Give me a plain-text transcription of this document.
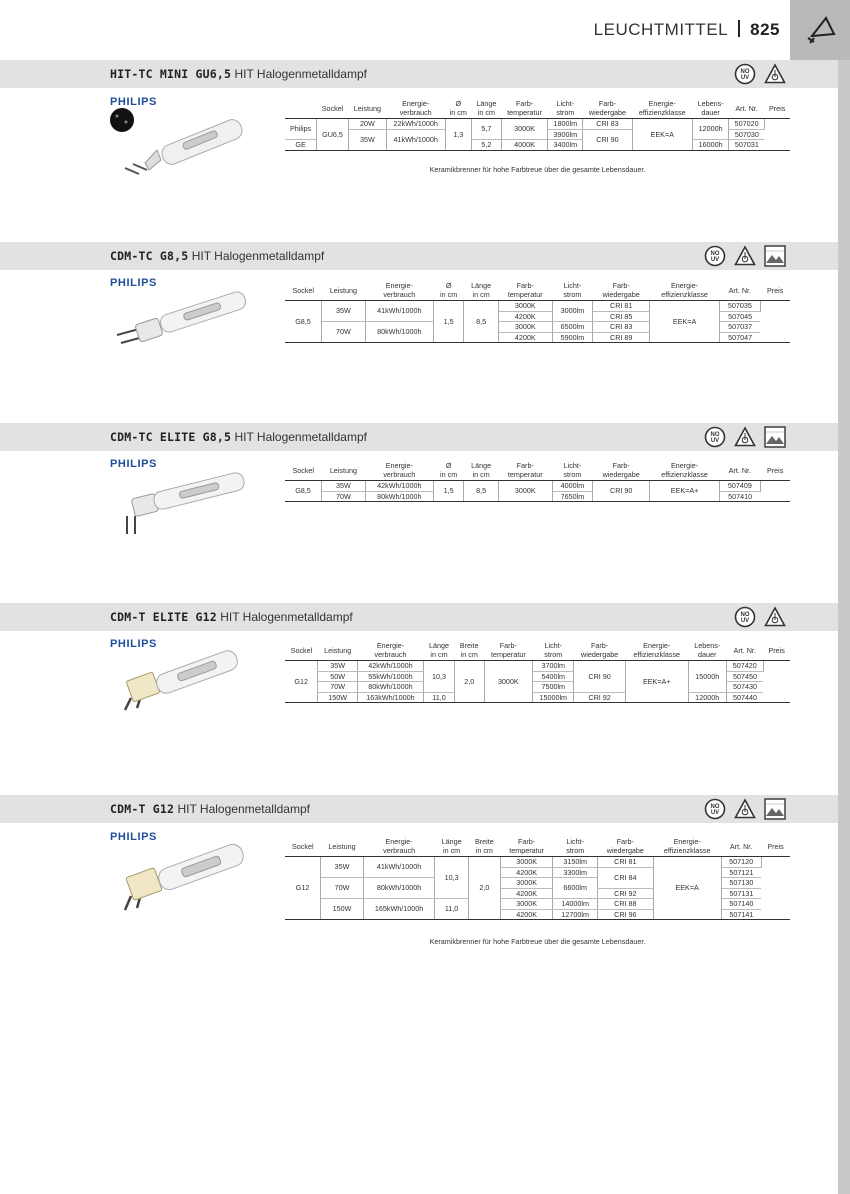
LEUCHTMITTEL 825
HIT-TC MINI GU6,5 HIT Halogenmetalldampf	NO
UV
PHILIPS
		Sockel	Leistung	Energie-
verbrauch	Ø
in cm	Länge
in cm	Farb-
temperatur	Licht-
strom	Farb-
wiedergabe	Energie-
effizienzklasse	Lebens-
dauer	Art. Nr.	Preis
Philips	GU6,5	20W	22kWh/1000h	1,3	5,7	3000K	1800lm	CRI 83	EEK=A	12000h	507020	
		35W	41kWh/1000h				3900lm	CRI 90			507030	
GE					5,2	4000K	3400lm			16000h	507031	
Keramikbrenner für hohe Farbtreue über die gesamte Lebensdauer.
CDM-TC G8,5 HIT Halogenmetalldampf	NO
UV
PHILIPS
Sockel	Leistung	Energie-
verbrauch	Ø
in cm	Länge
in cm	Farb-
temperatur	Licht-
strom	Farb-
wiedergabe	Energie-
effizienzklasse	Art. Nr.	Preis
G8,5	35W	41kWh/1000h	1,5	8,5	3000K	3000lm	CRI 81	EEK=A	507035	
					4200K		CRI 85		507045	
	70W	80kWh/1000h			3000K	6500lm	CRI 83		507037	
					4200K	5900lm	CRI 89		507047	
CDM-TC ELITE G8,5 HIT Halogenmetalldampf	NO
UV
PHILIPS	Sockel	Leistung	Energie-
verbrauch	Ø
in cm	Länge
in cm	Farb-
temperatur	Licht-
strom	Farb-
wiedergabe	Energie-
effizienzklasse	Art. Nr.	Preis
G8,5	35W	42kWh/1000h	1,5	8,5	3000K	4000lm	CRI 90	EEK=A+	507409	
	70W	80kWh/1000h				7650lm			507410	
CDM-T ELITE G12 HIT Halogenmetalldampf	NO
UV
PHILIPS	Sockel	Leistung	Energie-
verbrauch	Länge
in cm	Breite
in cm	Farb-
temperatur	Licht-
strom	Farb-
wiedergabe	Energie-
effizienzklasse	Lebens-
dauer	Art. Nr.	Preis
G12	35W	42kWh/1000h	10,3	2,0	3000K	3700lm	CRI 90	EEK=A+	15000h	507420	
	50W	55kWh/1000h				5400lm				507450	
	70W	80kWh/1000h				7500lm				507430	
	150W	163kWh/1000h	11,0			15000lm	CRI 92		12000h	507440	
CDM-T G12 HIT Halogenmetalldampf	NO
UV
PHILIPS
Sockel	Leistung	Energie-
verbrauch	Länge
in cm	Breite
in cm	Farb-
temperatur	Licht-
strom	Farb-
wiedergabe	Energie-
effizienzklasse	Art. Nr.	Preis
G12	35W	41kWh/1000h	10,3	2,0	3000K	3150lm	CRI 81	EEK=A	507120	
					4200K	3300lm	CRI 84		507121	
	70W	80kWh/1000h			3000K	6600lm			507130	
					4200K		CRI 92		507131	
	150W	165kWh/1000h	11,0		3000K	14000lm	CRI 88		507140	
					4200K	12700lm	CRI 96		507141	
Keramikbrenner für hohe Farbtreue über die gesamte Lebensdauer.
